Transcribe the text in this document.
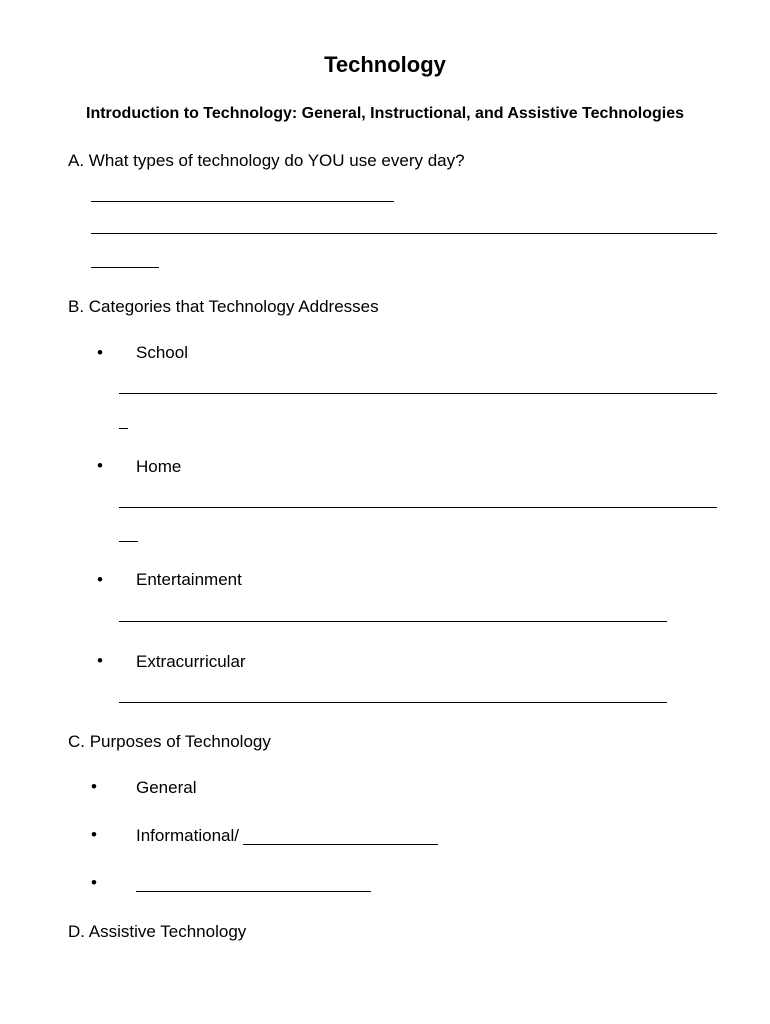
Technology
Introduction to Technology: General, Instructional, and Assistive Technologies
A. What types of technology do YOU use every day?
B. Categories that Technology Addresses
• School
• Home
• Entertainment
• Extracurricular
C. Purposes of Technology
• General
• Informational/
•
D. Assistive Technology
